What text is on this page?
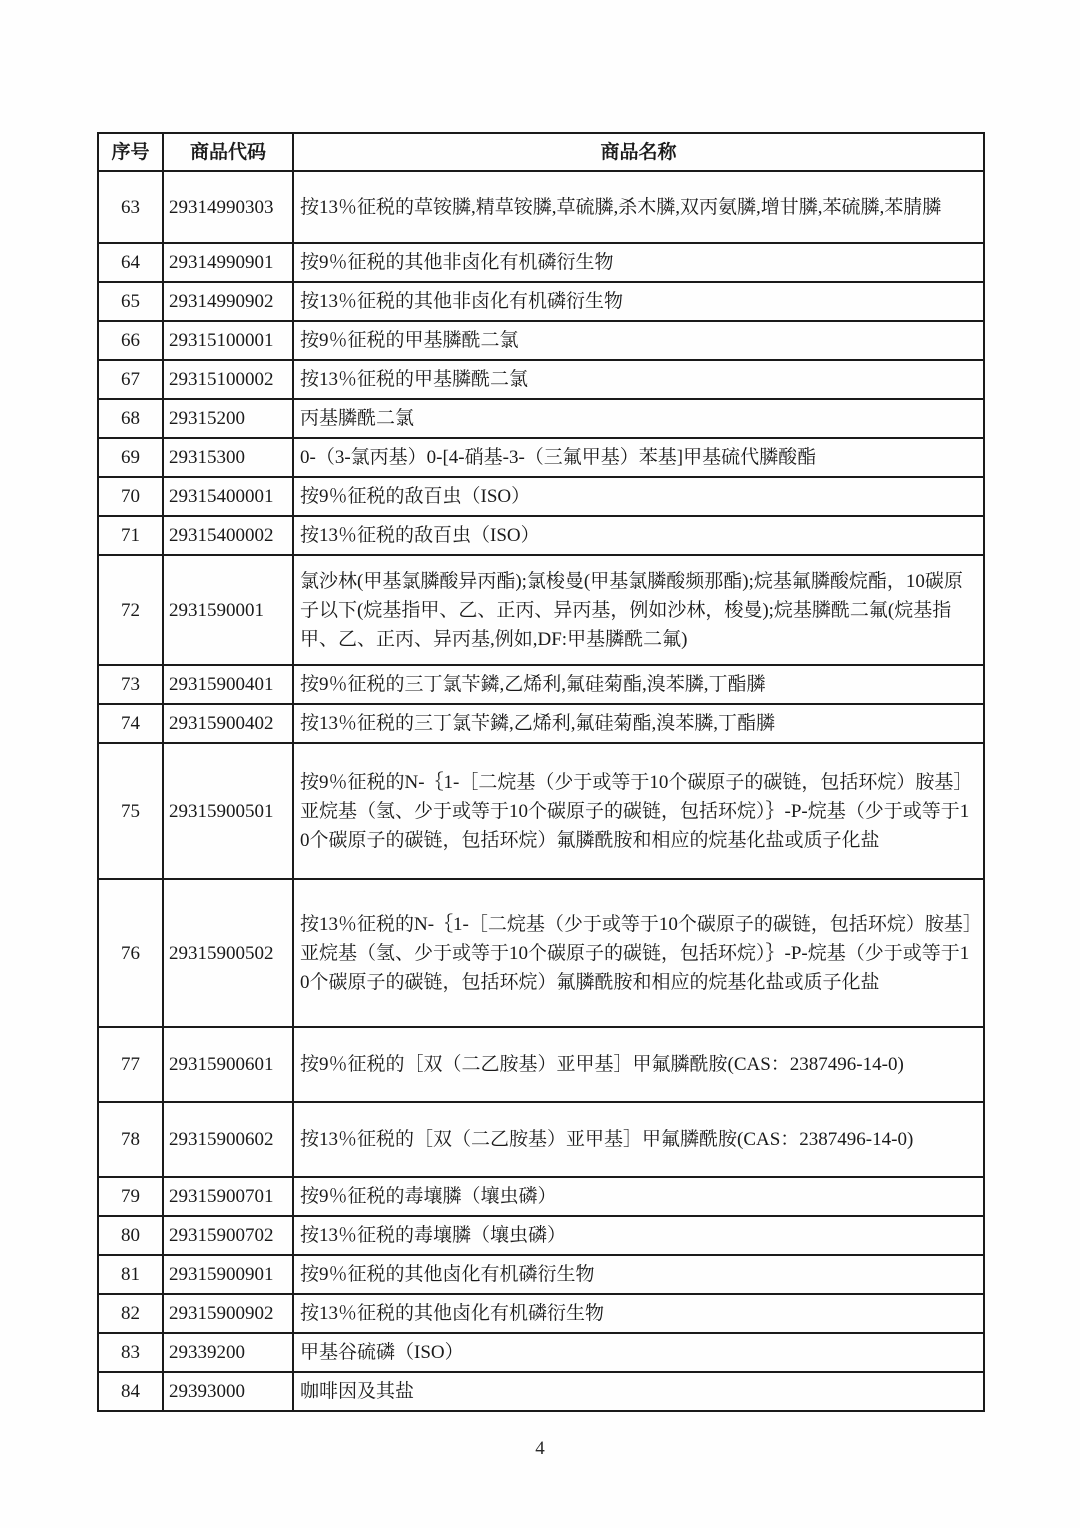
序号	商品代码	商品名称
63	29314990303	按13％征税的草铵膦,精草铵膦,草硫膦,杀木膦,双丙氨膦,增甘膦,苯硫膦,苯腈膦
64	29314990901	按9％征税的其他非卤化有机磷衍生物
65	29314990902	按13％征税的其他非卤化有机磷衍生物
66	29315100001	按9％征税的甲基膦酰二氯
67	29315100002	按13％征税的甲基膦酰二氯
68	29315200	丙基膦酰二氯
69	29315300	0-（3-氯丙基）0-[4-硝基-3-（三氟甲基）苯基]甲基硫代膦酸酯
70	29315400001	按9％征税的敌百虫（ISO）
71	29315400002	按13％征税的敌百虫（ISO）
72	2931590001	氯沙林(甲基氯膦酸异丙酯);氯梭曼(甲基氯膦酸频那酯);烷基氟膦酸烷酯，10碳原子以下(烷基指甲、乙、正丙、异丙基，例如沙林，梭曼);烷基膦酰二氟(烷基指甲、乙、正丙、异丙基,例如,DF:甲基膦酰二氟)
73	29315900401	按9％征税的三丁氯苄鏻,乙烯利,氟硅菊酯,溴苯膦,丁酯膦
74	29315900402	按13％征税的三丁氯苄鏻,乙烯利,氟硅菊酯,溴苯膦,丁酯膦
75	29315900501	按9％征税的N-｛1-［二烷基（少于或等于10个碳原子的碳链，包括环烷）胺基］亚烷基（氢、少于或等于10个碳原子的碳链，包括环烷）｝-P-烷基（少于或等于10个碳原子的碳链，包括环烷）氟膦酰胺和相应的烷基化盐或质子化盐
76	29315900502	按13％征税的N-｛1-［二烷基（少于或等于10个碳原子的碳链，包括环烷）胺基］亚烷基（氢、少于或等于10个碳原子的碳链，包括环烷）｝-P-烷基（少于或等于10个碳原子的碳链，包括环烷）氟膦酰胺和相应的烷基化盐或质子化盐
77	29315900601	按9％征税的［双（二乙胺基）亚甲基］甲氟膦酰胺(CAS：2387496-14-0)
78	29315900602	按13％征税的［双（二乙胺基）亚甲基］甲氟膦酰胺(CAS：2387496-14-0)
79	29315900701	按9％征税的毒壤膦（壤虫磷）
80	29315900702	按13％征税的毒壤膦（壤虫磷）
81	29315900901	按9％征税的其他卤化有机磷衍生物
82	29315900902	按13％征税的其他卤化有机磷衍生物
83	29339200	甲基谷硫磷（ISO）
84	29393000	咖啡因及其盐
4
